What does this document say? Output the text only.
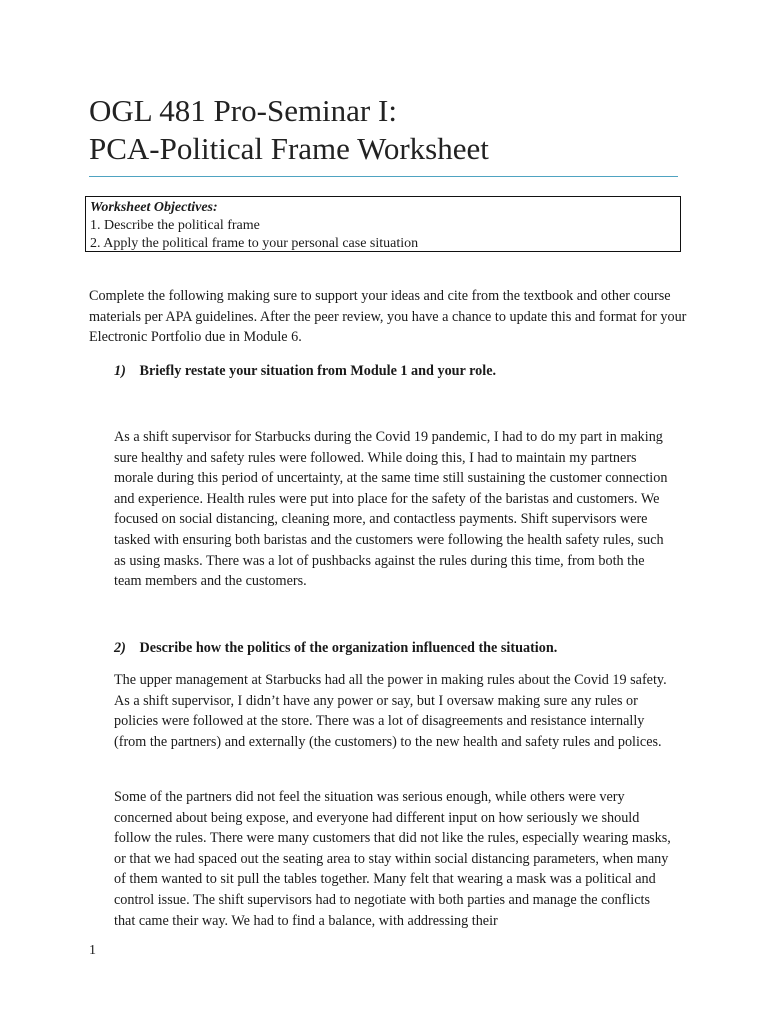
OGL 481 Pro-Seminar I:
PCA-Political Frame Worksheet
Worksheet Objectives:
1. Describe the political frame
2. Apply the political frame to your personal case situation
Complete the following making sure to support your ideas and cite from the textbook and other course materials per APA guidelines. After the peer review, you have a chance to update this and format for your Electronic Portfolio due in Module 6.
1) Briefly restate your situation from Module 1 and your role.
As a shift supervisor for Starbucks during the Covid 19 pandemic, I had to do my part in making sure healthy and safety rules were followed. While doing this, I had to maintain my partners morale during this period of uncertainty, at the same time still sustaining the customer connection and experience. Health rules were put into place for the safety of the baristas and customers. We focused on social distancing, cleaning more, and contactless payments. Shift supervisors were tasked with ensuring both baristas and the customers were following the health safety rules, such as using masks. There was a lot of pushbacks against the rules during this time, from both the team members and the customers.
2) Describe how the politics of the organization influenced the situation.
The upper management at Starbucks had all the power in making rules about the Covid 19 safety. As a shift supervisor, I didn’t have any power or say, but I oversaw making sure any rules or policies were followed at the store. There was a lot of disagreements and resistance internally (from the partners) and externally (the customers) to the new health and safety rules and polices.
Some of the partners did not feel the situation was serious enough, while others were very concerned about being expose, and everyone had different input on how seriously we should follow the rules. There were many customers that did not like the rules, especially wearing masks, or that we had spaced out the seating area to stay within social distancing parameters, when many of them wanted to sit pull the tables together. Many felt that wearing a mask was a political and control issue. The shift supervisors had to negotiate with both parties and manage the conflicts that came their way. We had to find a balance, with addressing their
1
